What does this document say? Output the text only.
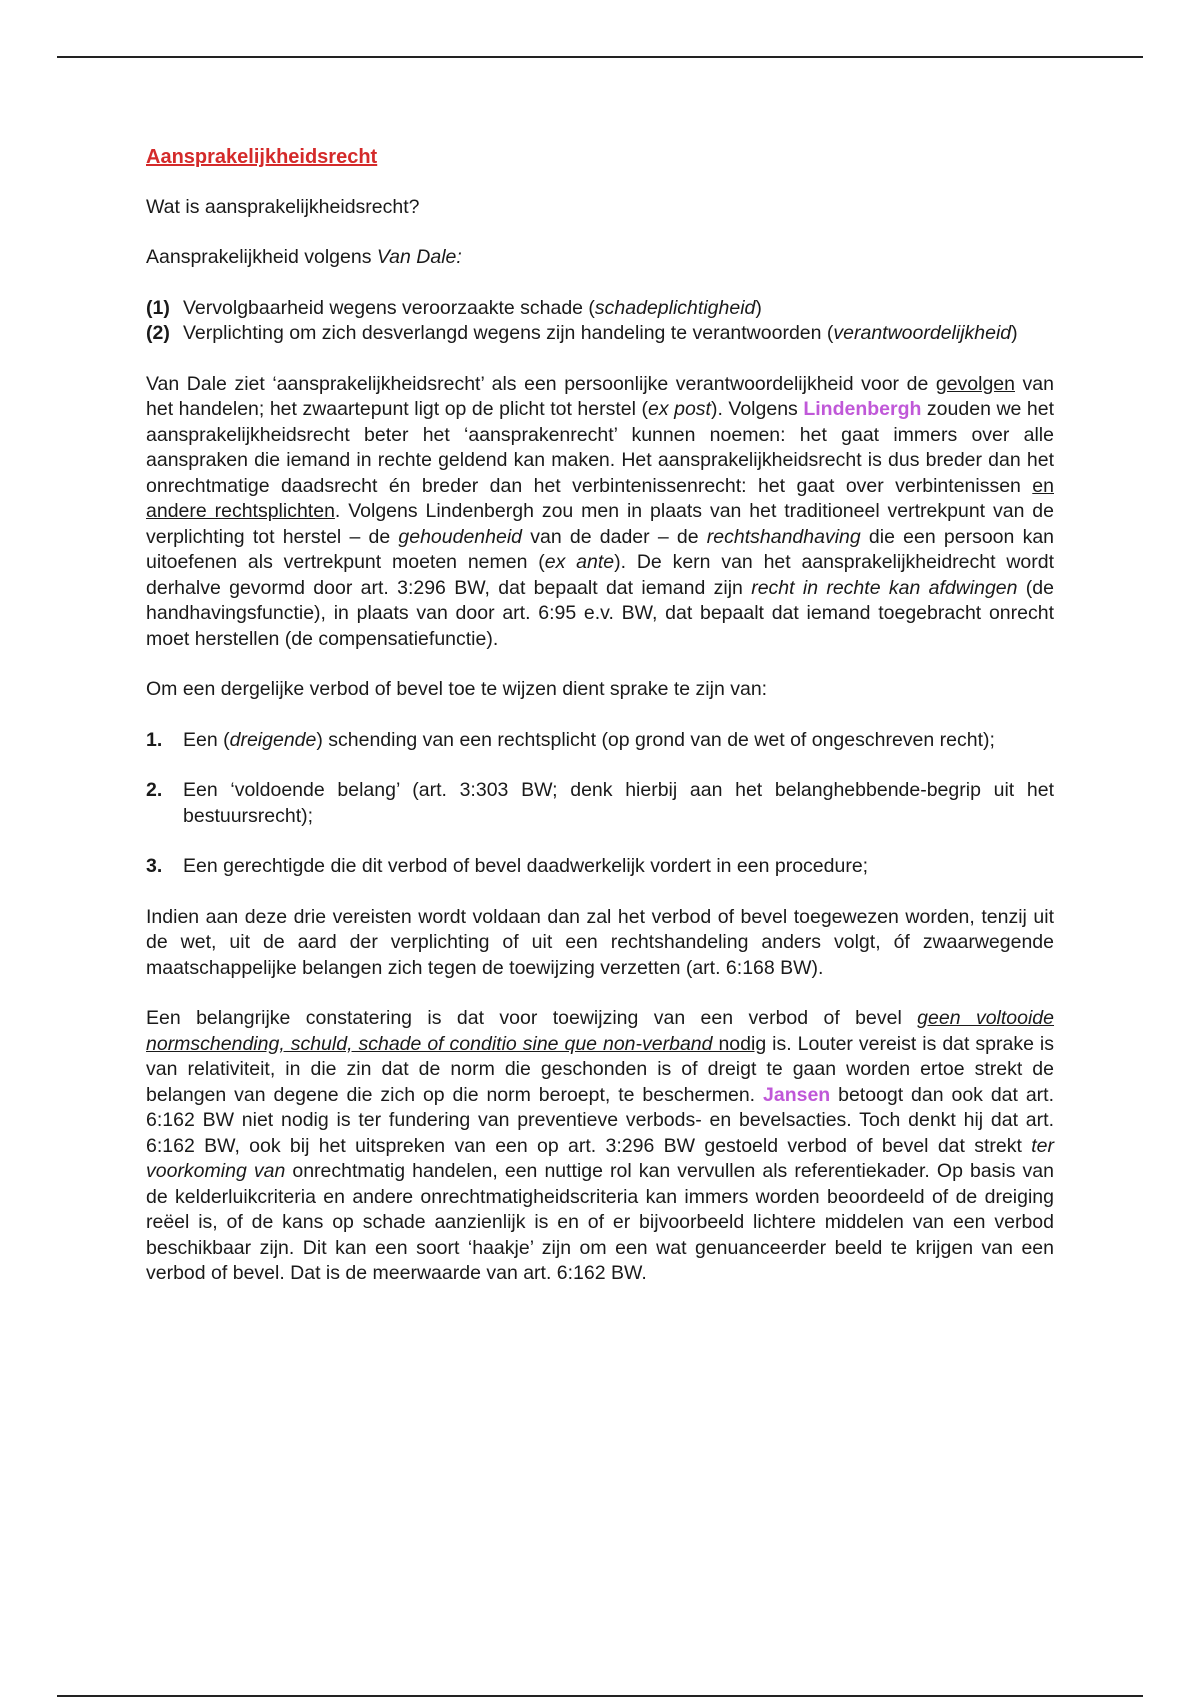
Aansprakelijkheidsrecht

Wat is aansprakelijkheidsrecht?

Aansprakelijkheid volgens Van Dale:

(1) Vervolgbaarheid wegens veroorzaakte schade (schadeplichtigheid)
(2) Verplichting om zich desverlangd wegens zijn handeling te verantwoorden (verantwoordelijkheid)

Van Dale ziet ‘aansprakelijkheidsrecht’ als een persoonlijke verantwoordelijkheid voor de gevolgen van het handelen; het zwaartepunt ligt op de plicht tot herstel (ex post). Volgens Lindenbergh zouden we het aansprakelijkheidsrecht beter het ‘aansprakenrecht’ kunnen noemen: het gaat immers over alle aanspraken die iemand in rechte geldend kan maken. Het aansprakelijkheidsrecht is dus breder dan het onrechtmatige daadsrecht én breder dan het verbintenissenrecht: het gaat over verbintenissen en andere rechtsplichten. Volgens Lindenbergh zou men in plaats van het traditioneel vertrekpunt van de verplichting tot herstel – de gehoudenheid van de dader – de rechtshandhaving die een persoon kan uitoefenen als vertrekpunt moeten nemen (ex ante). De kern van het aansprakelijkheidrecht wordt derhalve gevormd door art. 3:296 BW, dat bepaalt dat iemand zijn recht in rechte kan afdwingen (de handhavingsfunctie), in plaats van door art. 6:95 e.v. BW, dat bepaalt dat iemand toegebracht onrecht moet herstellen (de compensatiefunctie).

Om een dergelijke verbod of bevel toe te wijzen dient sprake te zijn van:

1.	Een (dreigende) schending van een rechtsplicht (op grond van de wet of ongeschreven recht);
2.	Een ‘voldoende belang’ (art. 3:303 BW; denk hierbij aan het belanghebbende-begrip uit het bestuursrecht);
3.	Een gerechtigde die dit verbod of bevel daadwerkelijk vordert in een procedure;

Indien aan deze drie vereisten wordt voldaan dan zal het verbod of bevel toegewezen worden, tenzij uit de wet, uit de aard der verplichting of uit een rechtshandeling anders volgt, óf zwaarwegende maatschappelijke belangen zich tegen de toewijzing verzetten (art. 6:168 BW).

Een belangrijke constatering is dat voor toewijzing van een verbod of bevel geen voltooide normschending, schuld, schade of conditio sine que non-verband nodig is. Louter vereist is dat sprake is van relativiteit, in die zin dat de norm die geschonden is of dreigt te gaan worden ertoe strekt de belangen van degene die zich op die norm beroept, te beschermen. Jansen betoogt dan ook dat art. 6:162 BW niet nodig is ter fundering van preventieve verbods- en bevelsacties. Toch denkt hij dat art. 6:162 BW, ook bij het uitspreken van een op art. 3:296 BW gestoeld verbod of bevel dat strekt ter voorkoming van onrechtmatig handelen, een nuttige rol kan vervullen als referentiekader. Op basis van de kelderluikcriteria en andere onrechtmatigheidscriteria kan immers worden beoordeeld of de dreiging reëel is, of de kans op schade aanzienlijk is en of er bijvoorbeeld lichtere middelen van een verbod beschikbaar zijn. Dit kan een soort ‘haakje’ zijn om een wat genuanceerder beeld te krijgen van een verbod of bevel. Dat is de meerwaarde van art. 6:162 BW.
